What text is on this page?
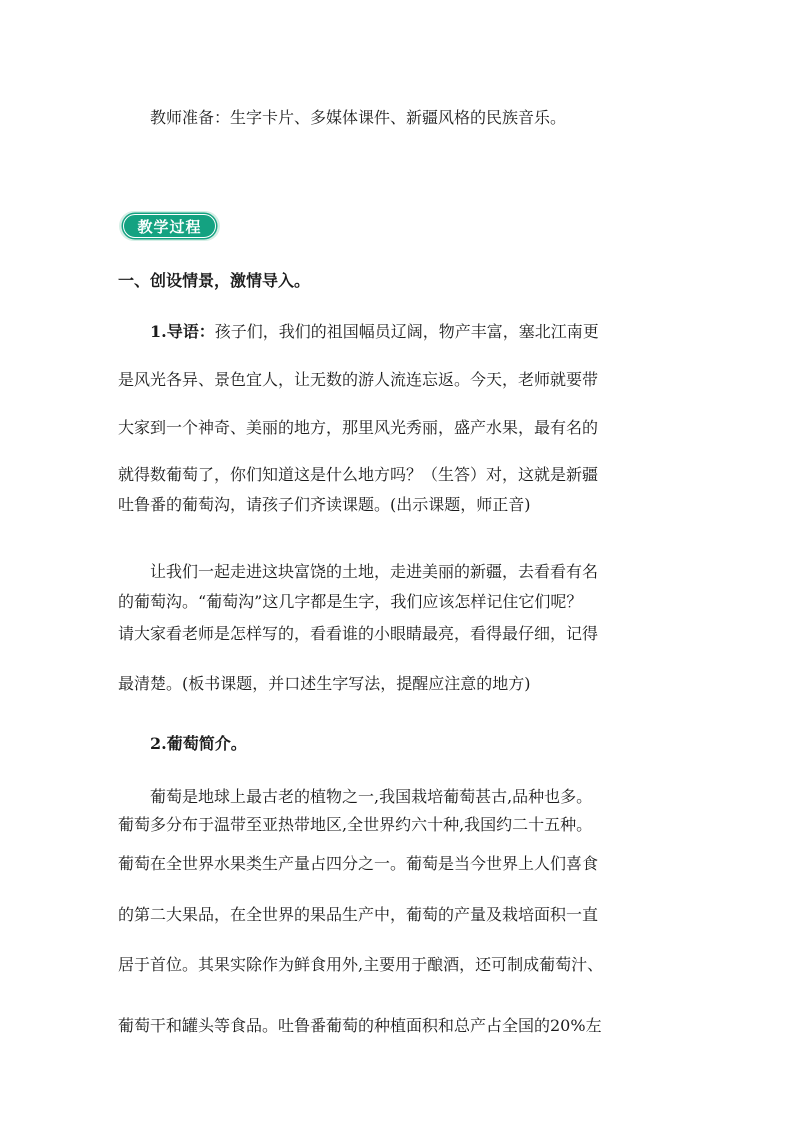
教师准备：生字卡片、多媒体课件、新疆风格的民族音乐。
教学过程
一、创设情景，激情导入。
1.导语：孩子们，我们的祖国幅员辽阔，物产丰富，塞北江南更
是风光各异、景色宜人，让无数的游人流连忘返。今天，老师就要带
大家到一个神奇、美丽的地方，那里风光秀丽，盛产水果，最有名的
就得数葡萄了，你们知道这是什么地方吗？（生答）对，这就是新疆
吐鲁番的葡萄沟，请孩子们齐读课题。(出示课题，师正音)
让我们一起走进这块富饶的土地，走进美丽的新疆，去看看有名
的葡萄沟。“葡萄沟”这几字都是生字，我们应该怎样记住它们呢？
请大家看老师是怎样写的，看看谁的小眼睛最亮，看得最仔细，记得
最清楚。(板书课题，并口述生字写法，提醒应注意的地方)
2.葡萄简介。
葡萄是地球上最古老的植物之一,我国栽培葡萄甚古,品种也多。
葡萄多分布于温带至亚热带地区,全世界约六十种,我国约二十五种。
葡萄在全世界水果类生产量占四分之一。葡萄是当今世界上人们喜食
的第二大果品，在全世界的果品生产中，葡萄的产量及栽培面积一直
居于首位。其果实除作为鲜食用外,主要用于酿酒，还可制成葡萄汁、
葡萄干和罐头等食品。吐鲁番葡萄的种植面积和总产占全国的20%左
